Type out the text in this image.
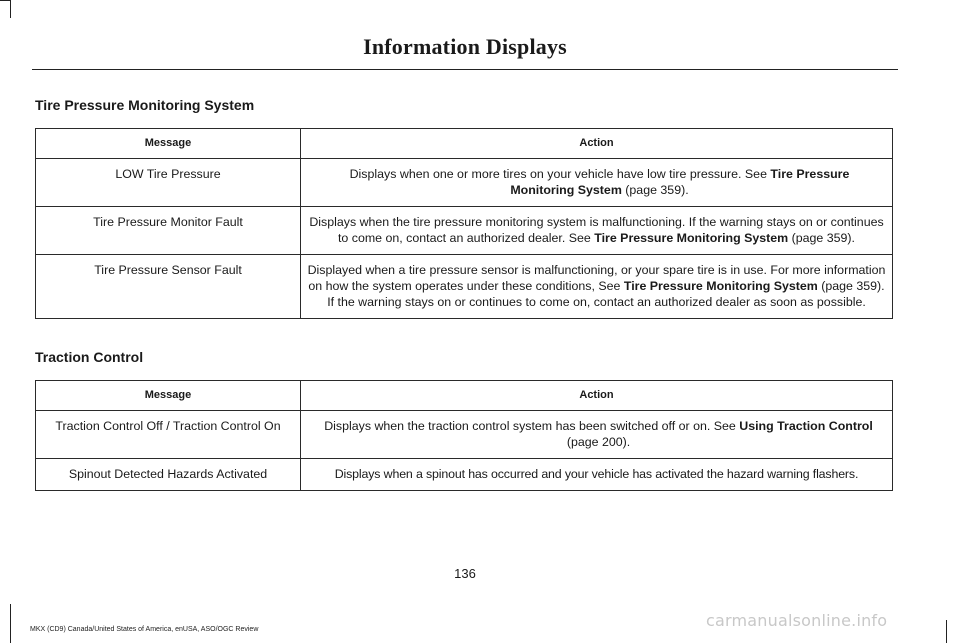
Information Displays
Tire Pressure Monitoring System
Message	Action
LOW Tire Pressure	Displays when one or more tires on your vehicle have low tire pressure. See Tire Pressure Monitoring System (page 359).
Tire Pressure Monitor Fault	Displays when the tire pressure monitoring system is malfunctioning. If the warning stays on or continues to come on, contact an authorized dealer. See Tire Pressure Monitoring System (page 359).
Tire Pressure Sensor Fault	Displayed when a tire pressure sensor is malfunctioning, or your spare tire is in use. For more information on how the system operates under these conditions, See Tire Pressure Monitoring System (page 359). If the warning stays on or continues to come on, contact an authorized dealer as soon as possible.
Traction Control
Message	Action
Traction Control Off / Traction Control On	Displays when the traction control system has been switched off or on. See Using Traction Control (page 200).
Spinout Detected Hazards Activated	Displays when a spinout has occurred and your vehicle has activated the hazard warning flashers.
136
MKX (CD9) Canada/United States of America, enUSA, ASO/OGC Review	carmanualsonline.info
